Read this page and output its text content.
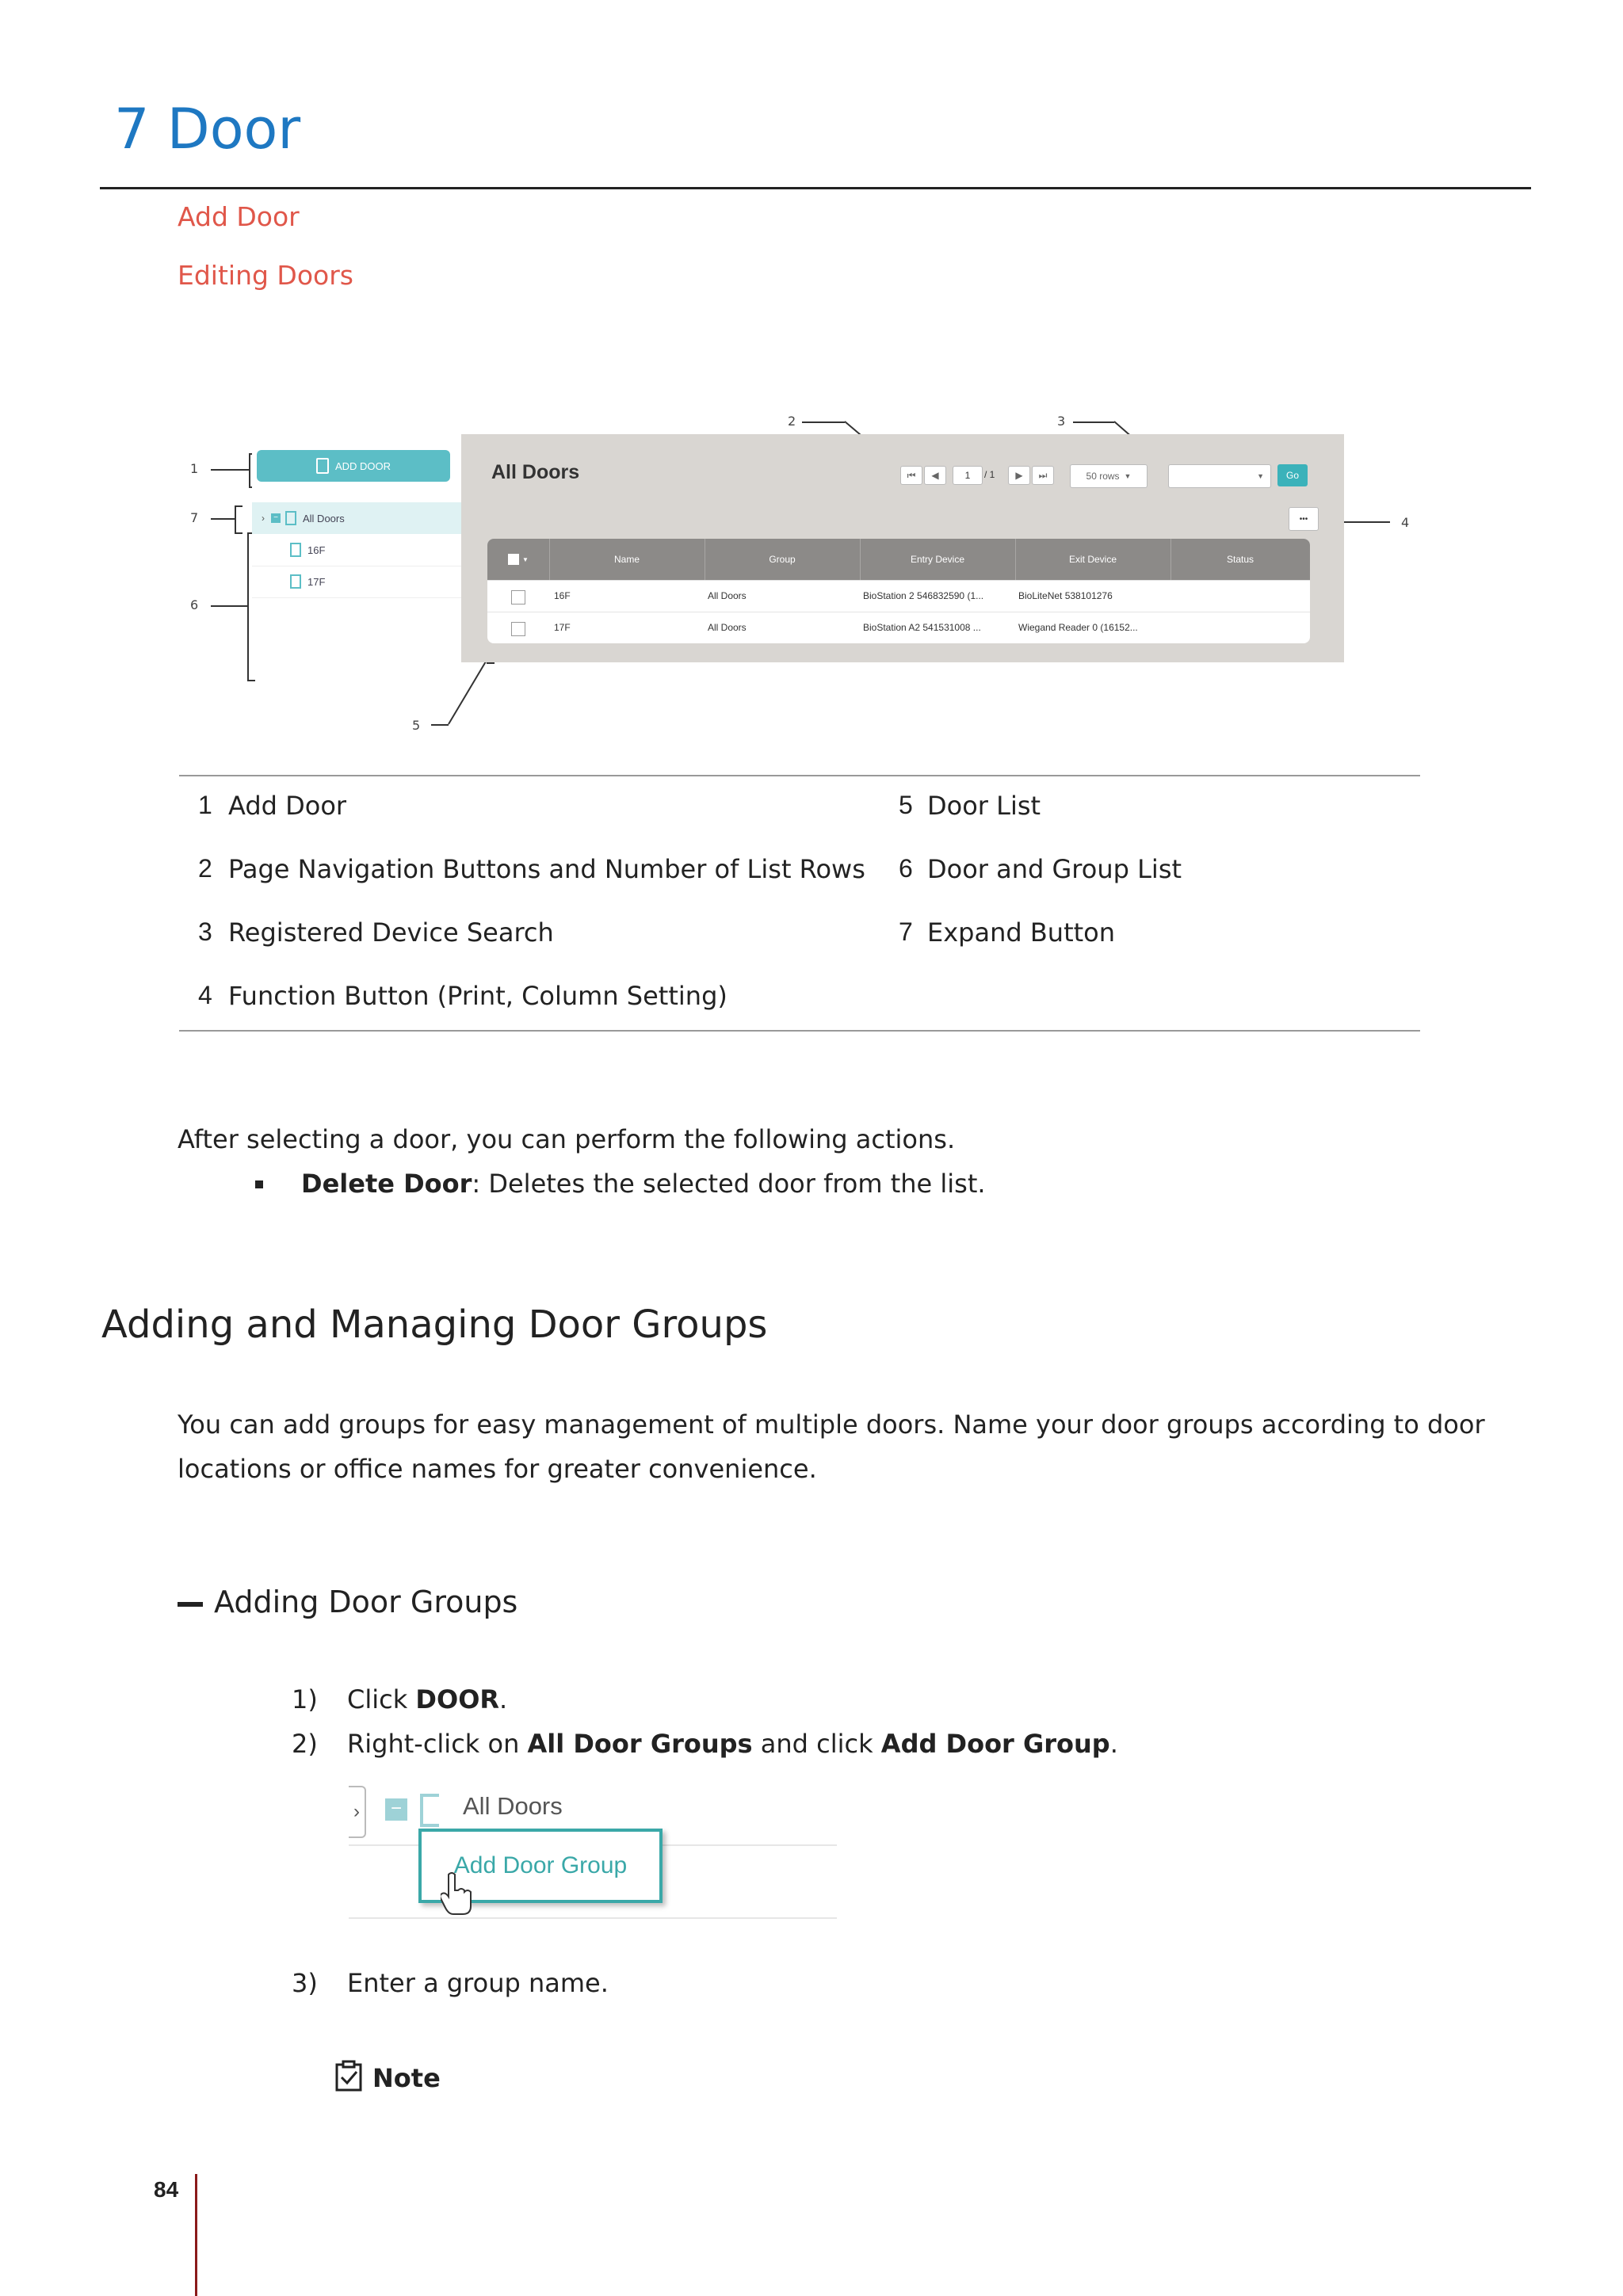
7 Door
Add Door
Editing Doors
1
7
6
2	3
4
5
ADD DOOR
›	− All Doors
16F
17F
All Doors	⏮ ◀	1	/ 1 ▶ ⏭	50 rows ▼	▼	Go
•••
▼	Name	Group	Entry Device	Exit Device	Status
16F	All Doors	BioStation 2 546832590 (1...	BioLiteNet 538101276
17F	All Doors	BioStation A2 541531008 ...	Wiegand Reader 0 (16152...
1 Add Door
2 Page Navigation Buttons and Number of List Rows
3 Registered Device Search
4 Function Button (Print, Column Setting)
5 Door List
6 Door and Group List
7 Expand Button
After selecting a door, you can perform the following actions.
Delete Door: Deletes the selected door from the list.
Adding and Managing Door Groups
You can add groups for easy management of multiple doors. Name your door groups according to door
locations or office names for greater convenience.
Adding Door Groups
1) Click DOOR.
2) Right-click on All Door Groups and click Add Door Group.
›	− All Doors
Add Door Group
3) Enter a group name.
Note
84
